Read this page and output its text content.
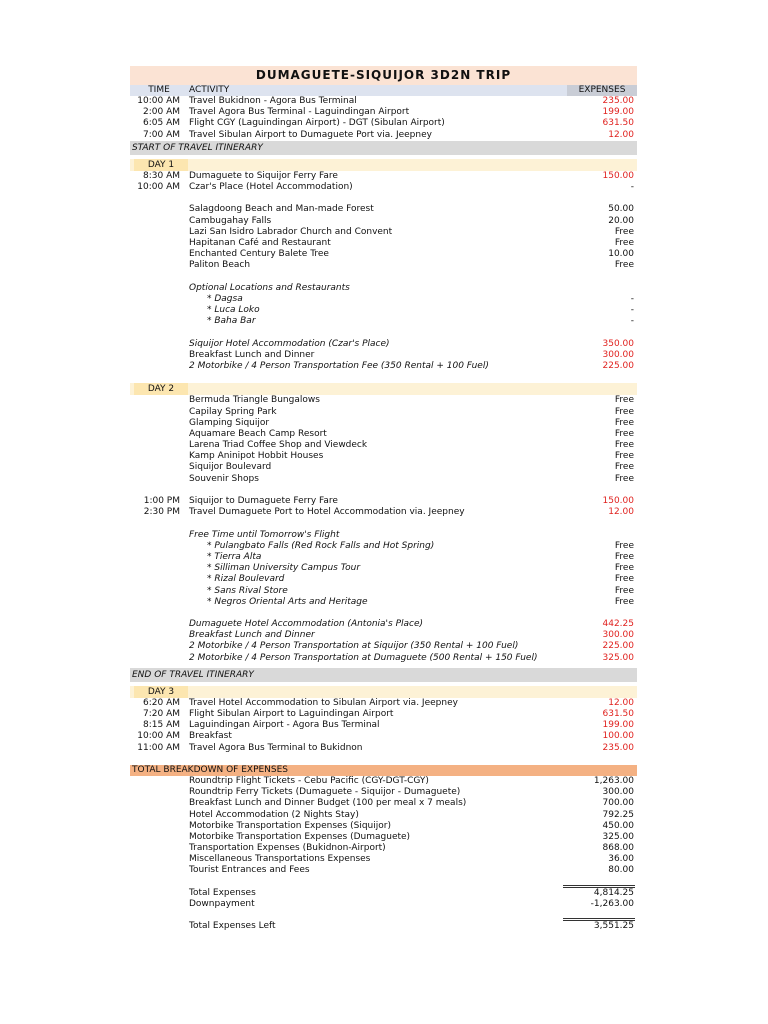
DUMAGUETE-SIQUIJOR 3D2N TRIP
TIME	ACTIVITY	EXPENSES
10:00 AM Travel Bukidnon - Agora Bus Terminal	235.00
2:00 AM Travel Agora Bus Terminal - Laguindingan Airport	199.00
6:05 AM Flight CGY (Laguindingan Airport) - DGT (Sibulan Airport)	631.50
7:00 AM Travel Sibulan Airport to Dumaguete Port via. Jeepney	12.00
START OF TRAVEL ITINERARY
DAY 1
8:30 AM Dumaguete to Siquijor Ferry Fare	150.00
10:00 AM Czar's Place (Hotel Accommodation)	-
Salagdoong Beach and Man-made Forest	50.00
Cambugahay Falls	20.00
Lazi San Isidro Labrador Church and Convent	Free
Hapitanan Café and Restaurant	Free
Enchanted Century Balete Tree	10.00
Paliton Beach	Free
Optional Locations and Restaurants
* Dagsa	-
* Luca Loko	-
* Baha Bar	-
Siquijor Hotel Accommodation (Czar's Place)	350.00
Breakfast Lunch and Dinner	300.00
2 Motorbike / 4 Person Transportation Fee (350 Rental + 100 Fuel)	225.00
DAY 2
Bermuda Triangle Bungalows	Free
Capilay Spring Park	Free
Glamping Siquijor	Free
Aquamare Beach Camp Resort	Free
Larena Triad Coffee Shop and Viewdeck	Free
Kamp Aninipot Hobbit Houses	Free
Siquijor Boulevard	Free
Souvenir Shops	Free
1:00 PM Siquijor to Dumaguete Ferry Fare	150.00
2:30 PM Travel Dumaguete Port to Hotel Accommodation via. Jeepney	12.00
Free Time until Tomorrow's Flight
* Pulangbato Falls (Red Rock Falls and Hot Spring)	Free
* Tierra Alta	Free
* Silliman University Campus Tour	Free
* Rizal Boulevard	Free
* Sans Rival Store	Free
* Negros Oriental Arts and Heritage	Free
Dumaguete Hotel Accommodation (Antonia's Place)	442.25
Breakfast Lunch and Dinner	300.00
2 Motorbike / 4 Person Transportation at Siquijor (350 Rental + 100 Fuel)	225.00
2 Motorbike / 4 Person Transportation at Dumaguete (500 Rental + 150 Fuel)	325.00
END OF TRAVEL ITINERARY
DAY 3
6:20 AM Travel Hotel Accommodation to Sibulan Airport via. Jeepney	12.00
7:20 AM Flight Sibulan Airport to Laguindingan Airport	631.50
8:15 AM Laguindingan Airport - Agora Bus Terminal	199.00
10:00 AM Breakfast	100.00
11:00 AM Travel Agora Bus Terminal to Bukidnon	235.00
TOTAL BREAKDOWN OF EXPENSES
Roundtrip Flight Tickets - Cebu Pacific (CGY-DGT-CGY)	1,263.00
Roundtrip Ferry Tickets (Dumaguete - Siquijor - Dumaguete)	300.00
Breakfast Lunch and Dinner Budget (100 per meal x 7 meals)	700.00
Hotel Accommodation (2 Nights Stay)	792.25
Motorbike Transportation Expenses (Siquijor)	450.00
Motorbike Transportation Expenses (Dumaguete)	325.00
Transportation Expenses (Bukidnon-Airport)	868.00
Miscellaneous Transportations Expenses	36.00
Tourist Entrances and Fees	80.00
Total Expenses	4,814.25
Downpayment	-1,263.00
Total Expenses Left	3,551.25
